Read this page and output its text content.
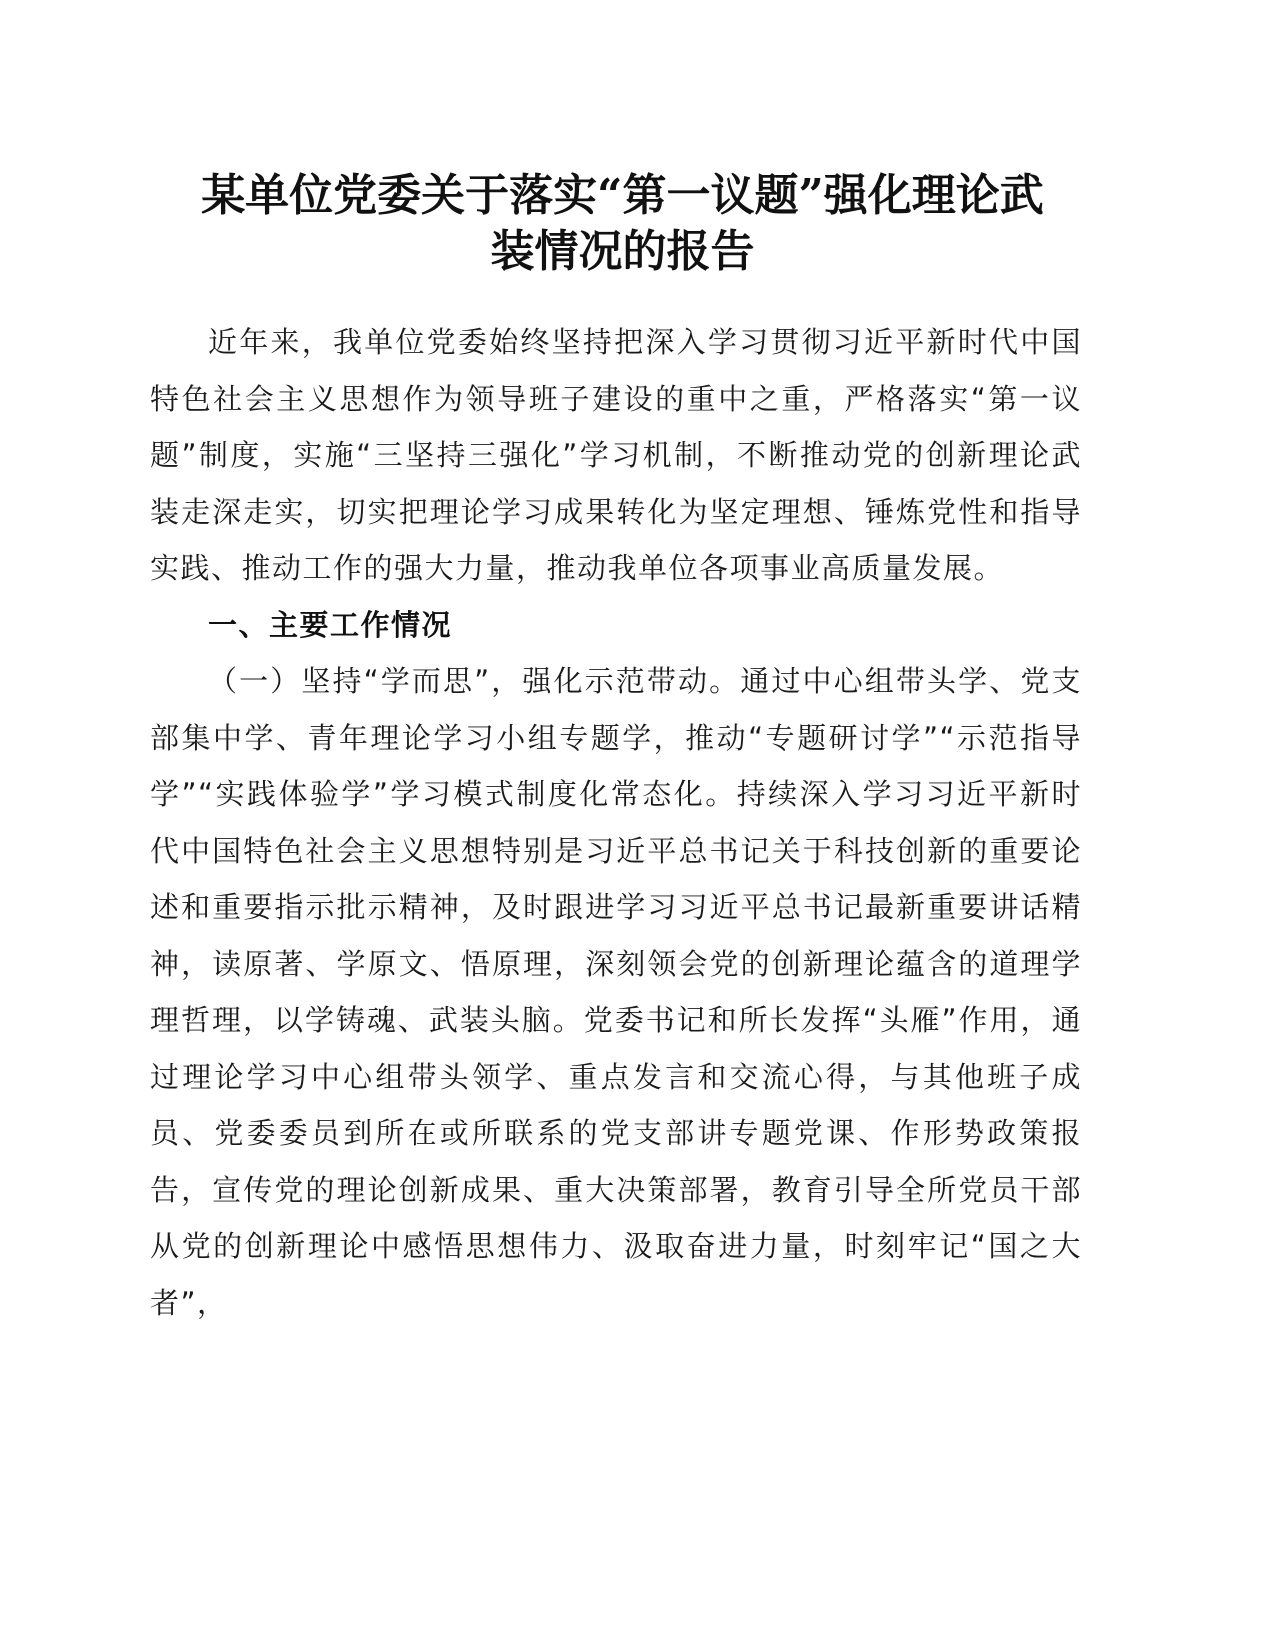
某单位党委关于落实“第一议题”强化理论武
装情况的报告

近年来，我单位党委始终坚持把深入学习贯彻习近平新时代中国特色社会主义思想作为领导班子建设的重中之重，严格落实“第一议题”制度，实施“三坚持三强化”学习机制，不断推动党的创新理论武装走深走实，切实把理论学习成果转化为坚定理想、锤炼党性和指导实践、推动工作的强大力量，推动我单位各项事业高质量发展。

一、主要工作情况

（一）坚持“学而思”，强化示范带动。通过中心组带头学、党支部集中学、青年理论学习小组专题学，推动“专题研讨学”“示范指导学”“实践体验学”学习模式制度化常态化。持续深入学习习近平新时代中国特色社会主义思想特别是习近平总书记关于科技创新的重要论述和重要指示批示精神，及时跟进学习习近平总书记最新重要讲话精神，读原著、学原文、悟原理，深刻领会党的创新理论蕴含的道理学理哲理，以学铸魂、武装头脑。党委书记和所长发挥“头雁”作用，通过理论学习中心组带头领学、重点发言和交流心得，与其他班子成员、党委委员到所在或所联系的党支部讲专题党课、作形势政策报告，宣传党的理论创新成果、重大决策部署，教育引导全所党员干部从党的创新理论中感悟思想伟力、汲取奋进力量，时刻牢记“国之大者”，
